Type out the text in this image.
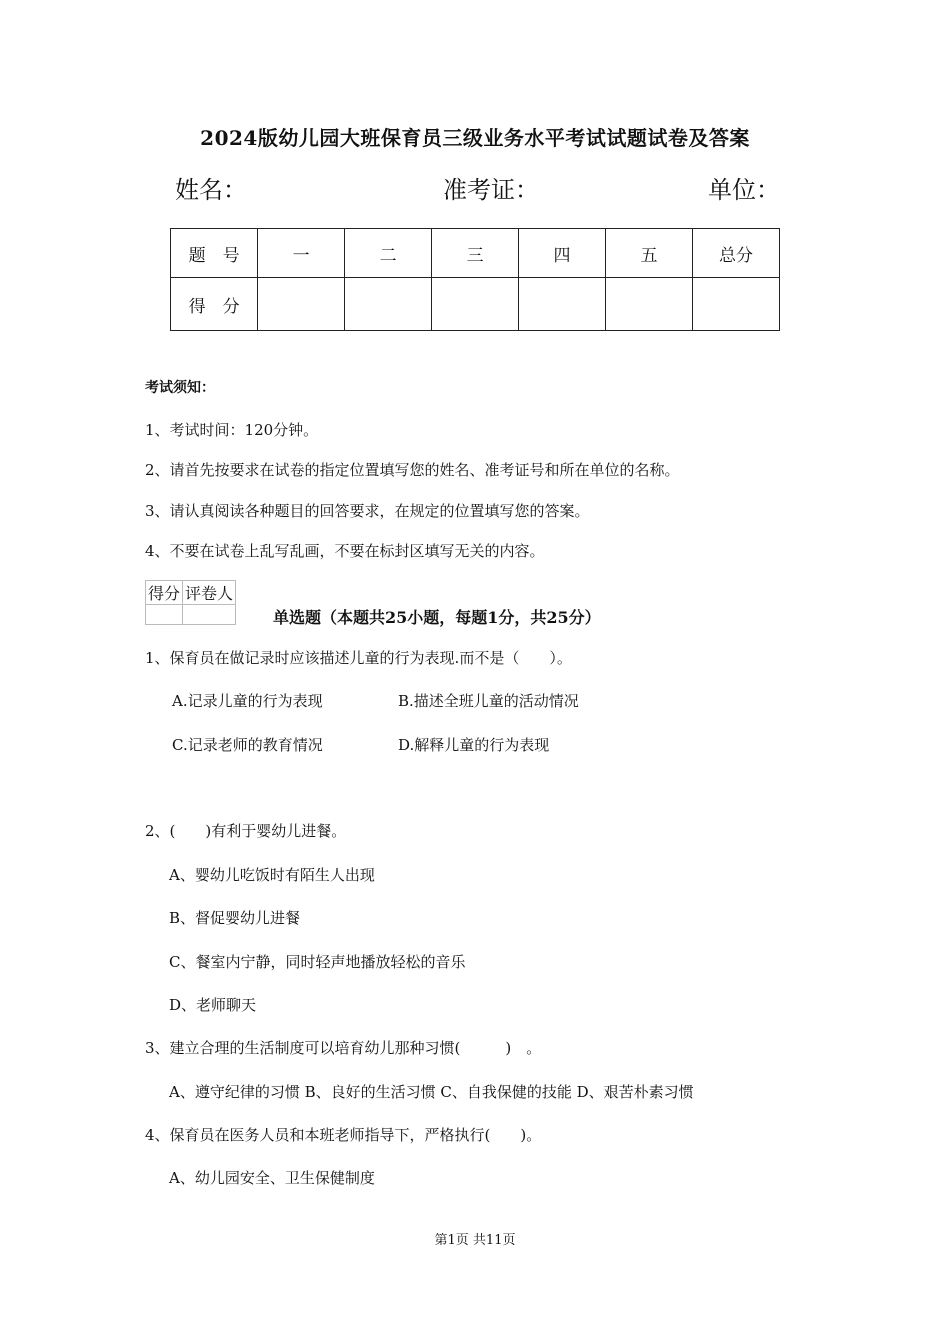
2024版幼儿园大班保育员三级业务水平考试试题试卷及答案
姓名：	准考证：	单位：
题　号	一	二	三	四	五	总分
得　分						
考试须知：
1、考试时间：120分钟。
2、请首先按要求在试卷的指定位置填写您的姓名、准考证号和所在单位的名称。
3、请认真阅读各种题目的回答要求，在规定的位置填写您的答案。
4、不要在试卷上乱写乱画，不要在标封区填写无关的内容。
得分	评卷人

单选题（本题共25小题，每题1分，共25分）
1、保育员在做记录时应该描述儿童的行为表现.而不是（　　）。
A.记录儿童的行为表现	B.描述全班儿童的活动情况
C.记录老师的教育情况	D.解释儿童的行为表现
2、(　　)有利于婴幼儿进餐。
A、婴幼儿吃饭时有陌生人出现
B、督促婴幼儿进餐
C、餐室内宁静，同时轻声地播放轻松的音乐
D、老师聊天
3、建立合理的生活制度可以培育幼儿那种习惯(　　　)　。
A、遵守纪律的习惯 B、良好的生活习惯 C、自我保健的技能 D、艰苦朴素习惯
4、保育员在医务人员和本班老师指导下，严格执行(　　)。
A、幼儿园安全、卫生保健制度
第1页 共11页
